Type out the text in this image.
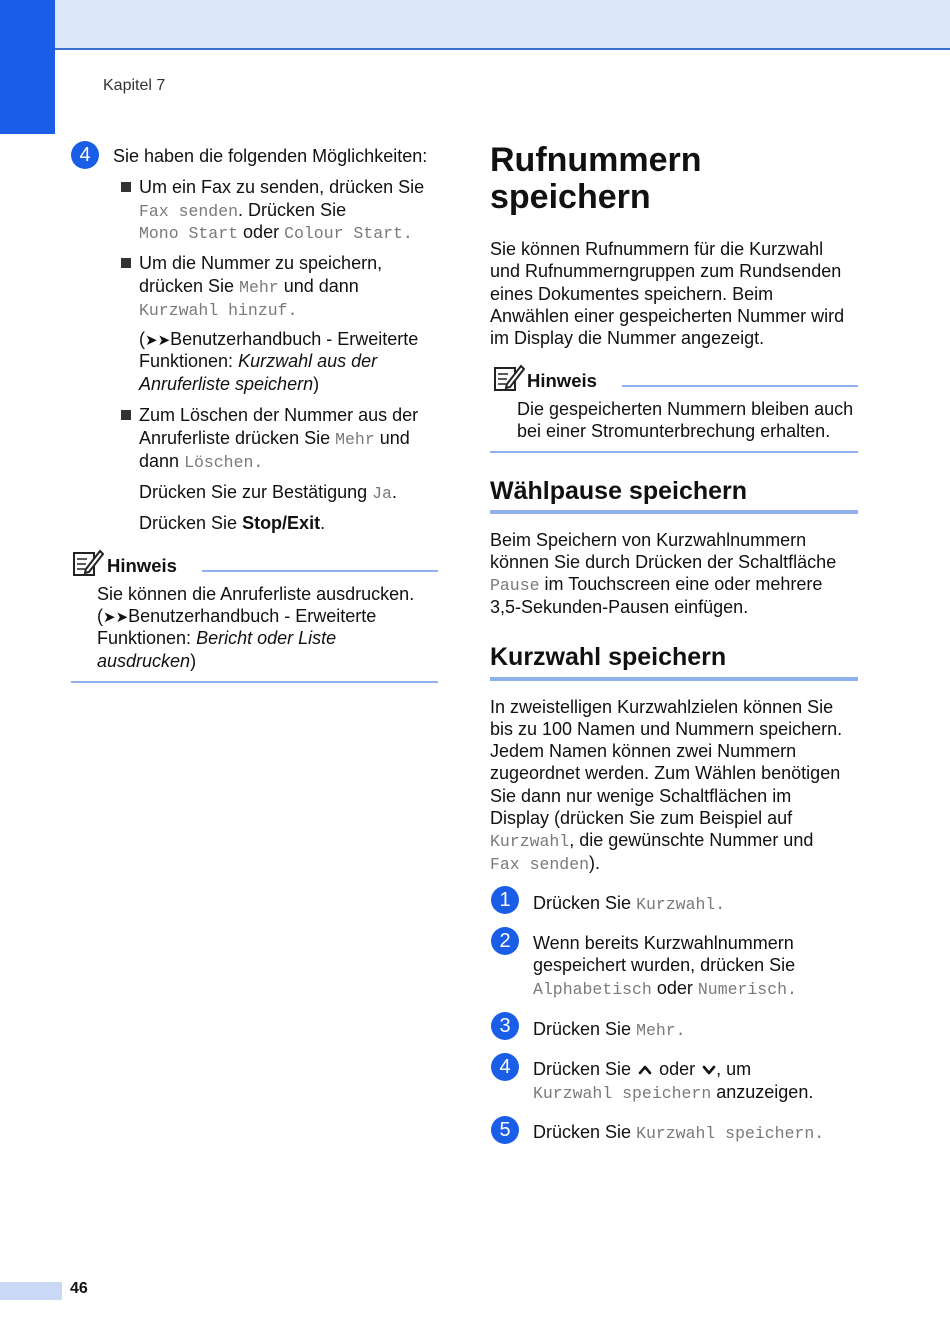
Kapitel 7
4	Sie haben die folgenden Möglichkeiten:
Um ein Fax zu senden, drücken Sie
Fax senden. Drücken Sie
Mono Start oder Colour Start.
Um die Nummer zu speichern,
drücken Sie Mehr und dann
Kurzwahl hinzuf.
(➤➤Benutzerhandbuch - Erweiterte
Funktionen: Kurzwahl aus der
Anruferliste speichern)
Zum Löschen der Nummer aus der
Anruferliste drücken Sie Mehr und
dann Löschen.
Drücken Sie zur Bestätigung Ja.
Drücken Sie Stop/Exit.
Hinweis
Sie können die Anruferliste ausdrucken.
(➤➤Benutzerhandbuch - Erweiterte
Funktionen: Bericht oder Liste
ausdrucken)
Rufnummern
speichern
Sie können Rufnummern für die Kurzwahl
und Rufnummerngruppen zum Rundsenden
eines Dokumentes speichern. Beim
Anwählen einer gespeicherten Nummer wird
im Display die Nummer angezeigt.
Hinweis
Die gespeicherten Nummern bleiben auch
bei einer Stromunterbrechung erhalten.
Wählpause speichern
Beim Speichern von Kurzwahlnummern
können Sie durch Drücken der Schaltfläche
Pause im Touchscreen eine oder mehrere
3,5-Sekunden-Pausen einfügen.
Kurzwahl speichern
In zweistelligen Kurzwahlzielen können Sie
bis zu 100 Namen und Nummern speichern.
Jedem Namen können zwei Nummern
zugeordnet werden. Zum Wählen benötigen
Sie dann nur wenige Schaltflächen im
Display (drücken Sie zum Beispiel auf
Kurzwahl, die gewünschte Nummer und
Fax senden).
1	Drücken Sie Kurzwahl.
2	Wenn bereits Kurzwahlnummern
gespeichert wurden, drücken Sie
Alphabetisch oder Numerisch.
3	Drücken Sie Mehr.
4	Drücken Sie oder , um
Kurzwahl speichern anzuzeigen.
5	Drücken Sie Kurzwahl speichern.
46
